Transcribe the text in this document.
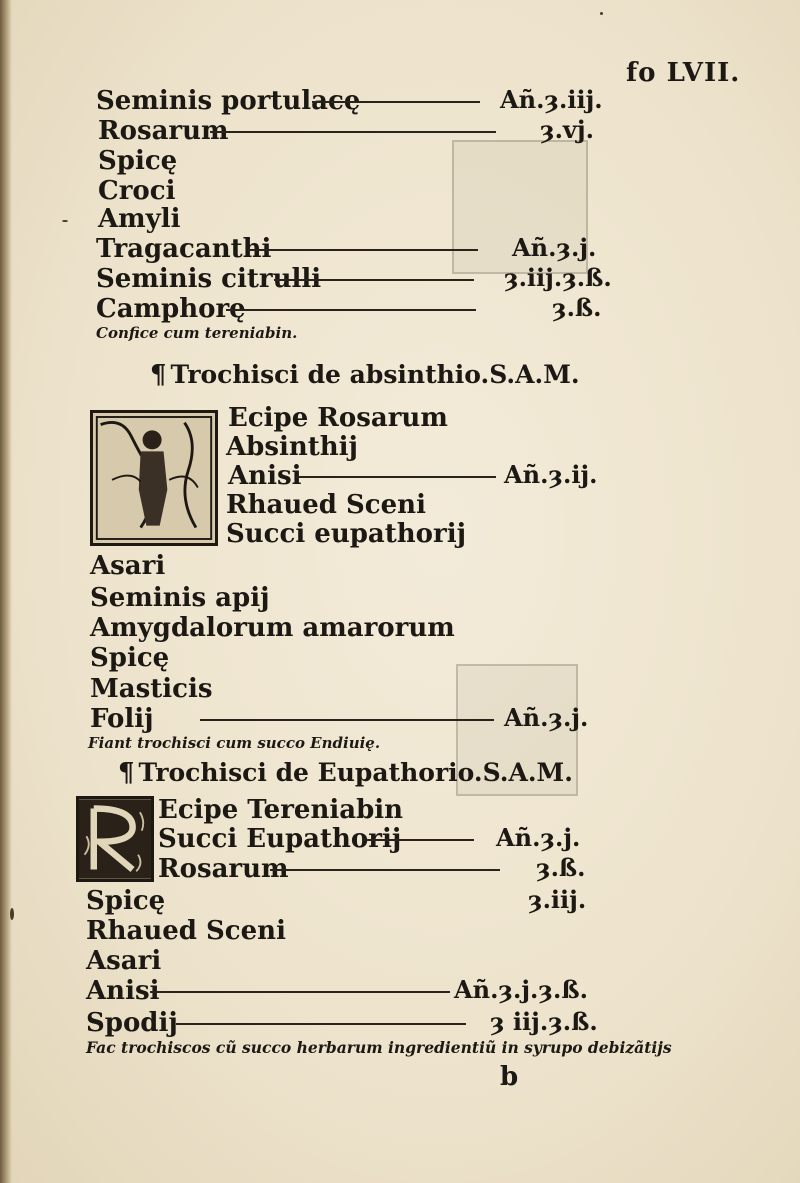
fo LVII.
Seminis portulacę	Añ.ȝ.iij.
Rosarum	ȝ.vj.
Spicę
Croci
Amyli
Tragacanthi	Añ.ȝ.j.
Seminis citrulli	ȝ.iij.ȝ.ß.
Camphorę	ȝ.ß.
Confice cum tereniabin.
¶ Trochisci de absinthio.S.A.M.
Ecipe Rosarum
Absinthij
Anisi	Añ.ȝ.ij.
Rhaued Sceni
Succi eupathorij
Asari
Seminis apij
Amygdalorum amarorum
Spicę
Masticis
Folij	Añ.ȝ.j.
Fiant trochisci cum succo Endiuię.
¶ Trochisci de Eupathorio.S.A.M.
Ecipe Tereniabin
Succi Eupathorij	Añ.ȝ.j.
Rosarum	ȝ.ß.
Spicę	ȝ.iij.
Rhaued Sceni
Asari
Anisi	Añ.ȝ.j.ȝ.ß.
Spodij	ȝ iij.ȝ.ß.
Fac trochiscos cũ succo herbarum ingredientiũ in syrupo debizãtijs
b
